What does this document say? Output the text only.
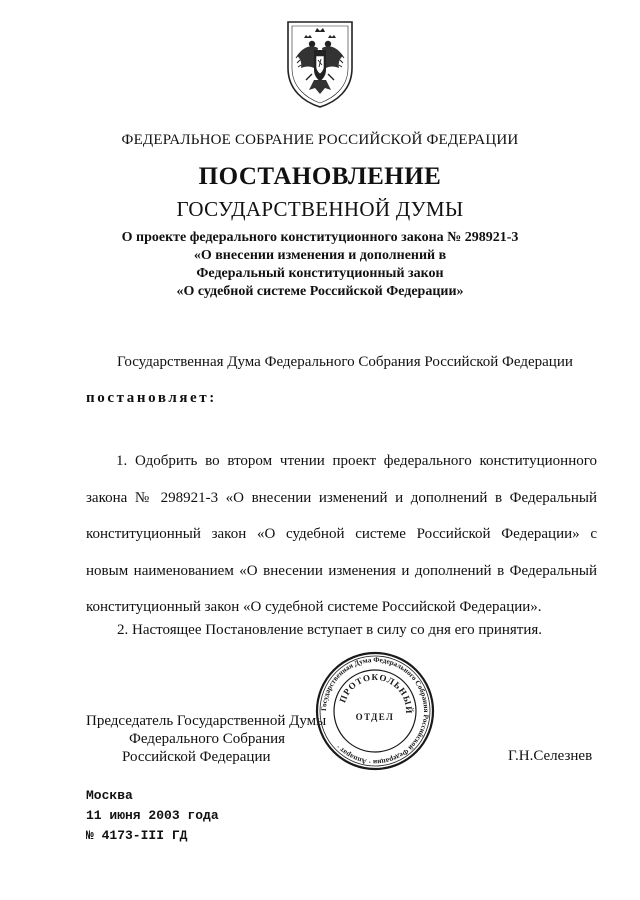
ФЕДЕРАЛЬНОЕ СОБРАНИЕ РОССИЙСКОЙ ФЕДЕРАЦИИ
ПОСТАНОВЛЕНИЕ
ГОСУДАРСТВЕННОЙ ДУМЫ
О проекте федерального конституционного закона № 298921-3
«О внесении изменения и дополнений в
Федеральный конституционный закон
«О судебной системе Российской Федерации»
Государственная Дума Федерального Собрания Российской Федерации
постановляет:
1. Одобрить во втором чтении проект федерального конституционного
закона № 298921-3 «О внесении изменений и дополнений в Федеральный
конституционный закон «О судебной системе Российской Федерации» с
новым наименованием «О внесении изменения и дополнений в Федеральный
конституционный закон «О судебной системе Российской Федерации».
2. Настоящее Постановление вступает в силу со дня его принятия.
Председатель Государственной Думы
Федерального Собрания
Российской Федерации	Г.Н.Селезнев
Государственная Дума Федерального Собрания Российской Федерации · Аппарат ·
ПРОТОКОЛЬНЫЙ
ОТДЕЛ
Москва
11 июня 2003 года
№ 4173-III ГД
